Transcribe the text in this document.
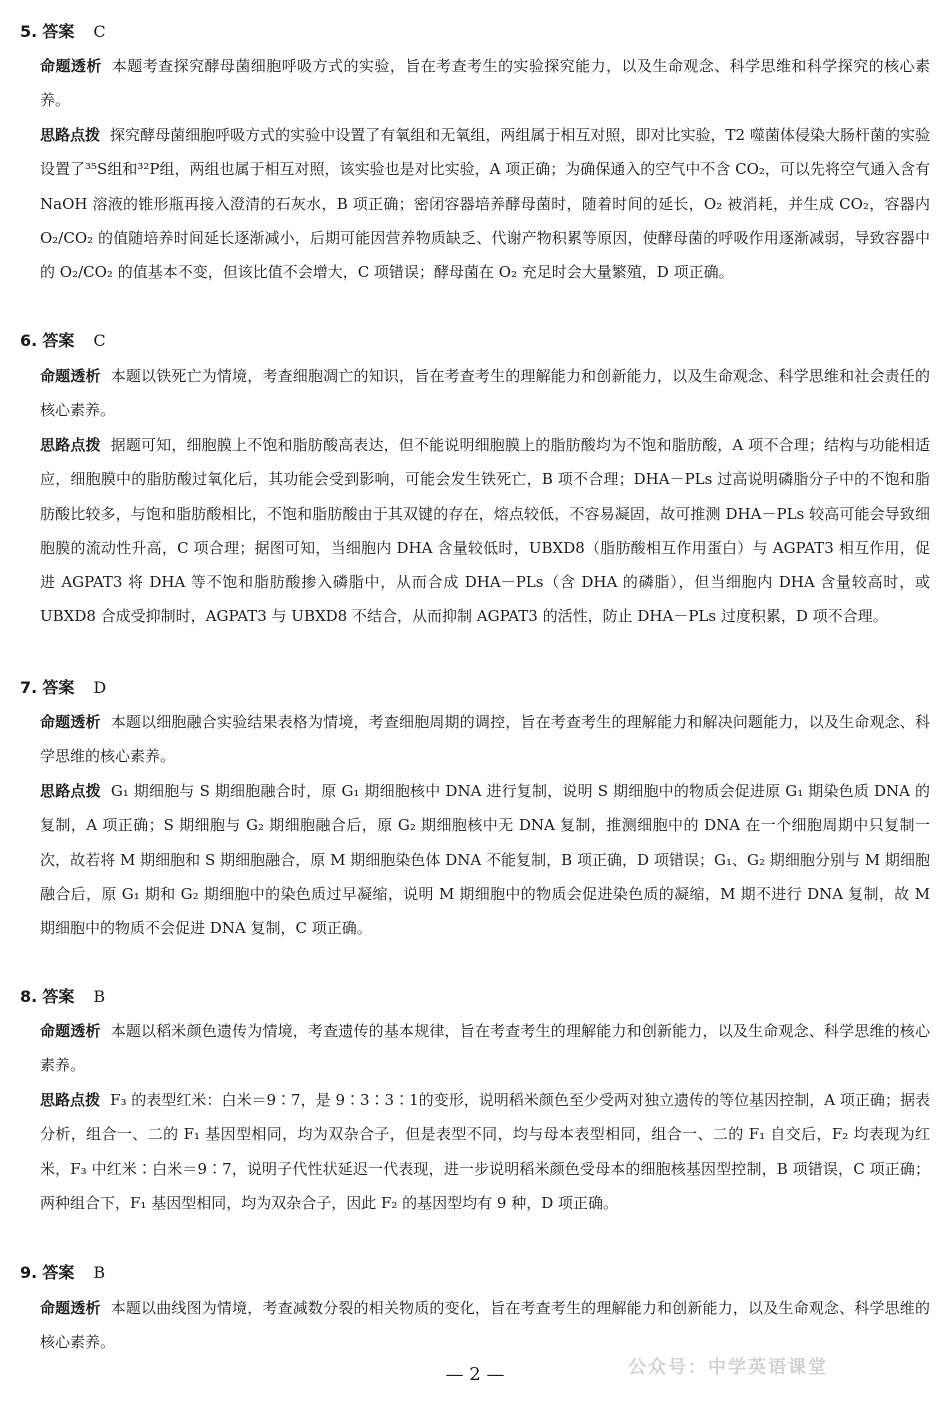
5. 答案 C

命题透析 本题考查探究酵母菌细胞呼吸方式的实验，旨在考查考生的实验探究能力，以及生命观念、科学思维和科学探究的核心素养。

思路点拨 探究酵母菌细胞呼吸方式的实验中设置了有氧组和无氧组，两组属于相互对照，即对比实验，T2 噬菌体侵染大肠杆菌的实验设置了³⁵S组和³²P组，两组也属于相互对照，该实验也是对比实验，A 项正确；为确保通入的空气中不含 CO₂，可以先将空气通入含有 NaOH 溶液的锥形瓶再接入澄清的石灰水，B 项正确；密闭容器培养酵母菌时，随着时间的延长，O₂ 被消耗，并生成 CO₂，容器内 O₂/CO₂ 的值随培养时间延长逐渐减小，后期可能因营养物质缺乏、代谢产物积累等原因，使酵母菌的呼吸作用逐渐减弱，导致容器中的 O₂/CO₂ 的值基本不变，但该比值不会增大，C 项错误；酵母菌在 O₂ 充足时会大量繁殖，D 项正确。

6. 答案 C

命题透析 本题以铁死亡为情境，考查细胞凋亡的知识，旨在考查考生的理解能力和创新能力，以及生命观念、科学思维和社会责任的核心素养。

思路点拨 据题可知，细胞膜上不饱和脂肪酸高表达，但不能说明细胞膜上的脂肪酸均为不饱和脂肪酸，A 项不合理；结构与功能相适应，细胞膜中的脂肪酸过氧化后，其功能会受到影响，可能会发生铁死亡，B 项不合理；DHA－PLs 过高说明磷脂分子中的不饱和脂肪酸比较多，与饱和脂肪酸相比，不饱和脂肪酸由于其双键的存在，熔点较低，不容易凝固，故可推测 DHA－PLs 较高可能会导致细胞膜的流动性升高，C 项合理；据图可知，当细胞内 DHA 含量较低时，UBXD8（脂肪酸相互作用蛋白）与 AGPAT3 相互作用，促进 AGPAT3 将 DHA 等不饱和脂肪酸掺入磷脂中，从而合成 DHA－PLs（含 DHA 的磷脂），但当细胞内 DHA 含量较高时，或 UBXD8 合成受抑制时，AGPAT3 与 UBXD8 不结合，从而抑制 AGPAT3 的活性，防止 DHA－PLs 过度积累，D 项不合理。

7. 答案 D

命题透析 本题以细胞融合实验结果表格为情境，考查细胞周期的调控，旨在考查考生的理解能力和解决问题能力，以及生命观念、科学思维的核心素养。

思路点拨 G₁ 期细胞与 S 期细胞融合时，原 G₁ 期细胞核中 DNA 进行复制，说明 S 期细胞中的物质会促进原 G₁ 期染色质 DNA 的复制，A 项正确；S 期细胞与 G₂ 期细胞融合后，原 G₂ 期细胞核中无 DNA 复制，推测细胞中的 DNA 在一个细胞周期中只复制一次，故若将 M 期细胞和 S 期细胞融合，原 M 期细胞染色体 DNA 不能复制，B 项正确，D 项错误；G₁、G₂ 期细胞分别与 M 期细胞融合后，原 G₁ 期和 G₂ 期细胞中的染色质过早凝缩，说明 M 期细胞中的物质会促进染色质的凝缩，M 期不进行 DNA 复制，故 M 期细胞中的物质不会促进 DNA 复制，C 项正确。

8. 答案 B

命题透析 本题以稻米颜色遗传为情境，考查遗传的基本规律，旨在考查考生的理解能力和创新能力，以及生命观念、科学思维的核心素养。

思路点拨 F₃ 的表型红米：白米＝9∶7，是 9∶3∶3∶1的变形，说明稻米颜色至少受两对独立遗传的等位基因控制，A 项正确；据表分析，组合一、二的 F₁ 基因型相同，均为双杂合子，但是表型不同，均与母本表型相同，组合一、二的 F₁ 自交后，F₂ 均表现为红米，F₃ 中红米∶白米＝9∶7，说明子代性状延迟一代表现，进一步说明稻米颜色受母本的细胞核基因型控制，B 项错误，C 项正确；两种组合下，F₁ 基因型相同，均为双杂合子，因此 F₂ 的基因型均有 9 种，D 项正确。

9. 答案 B

命题透析 本题以曲线图为情境，考查减数分裂的相关物质的变化，旨在考查考生的理解能力和创新能力，以及生命观念、科学思维的核心素养。

公众号：中学英语课堂
— 2 —
